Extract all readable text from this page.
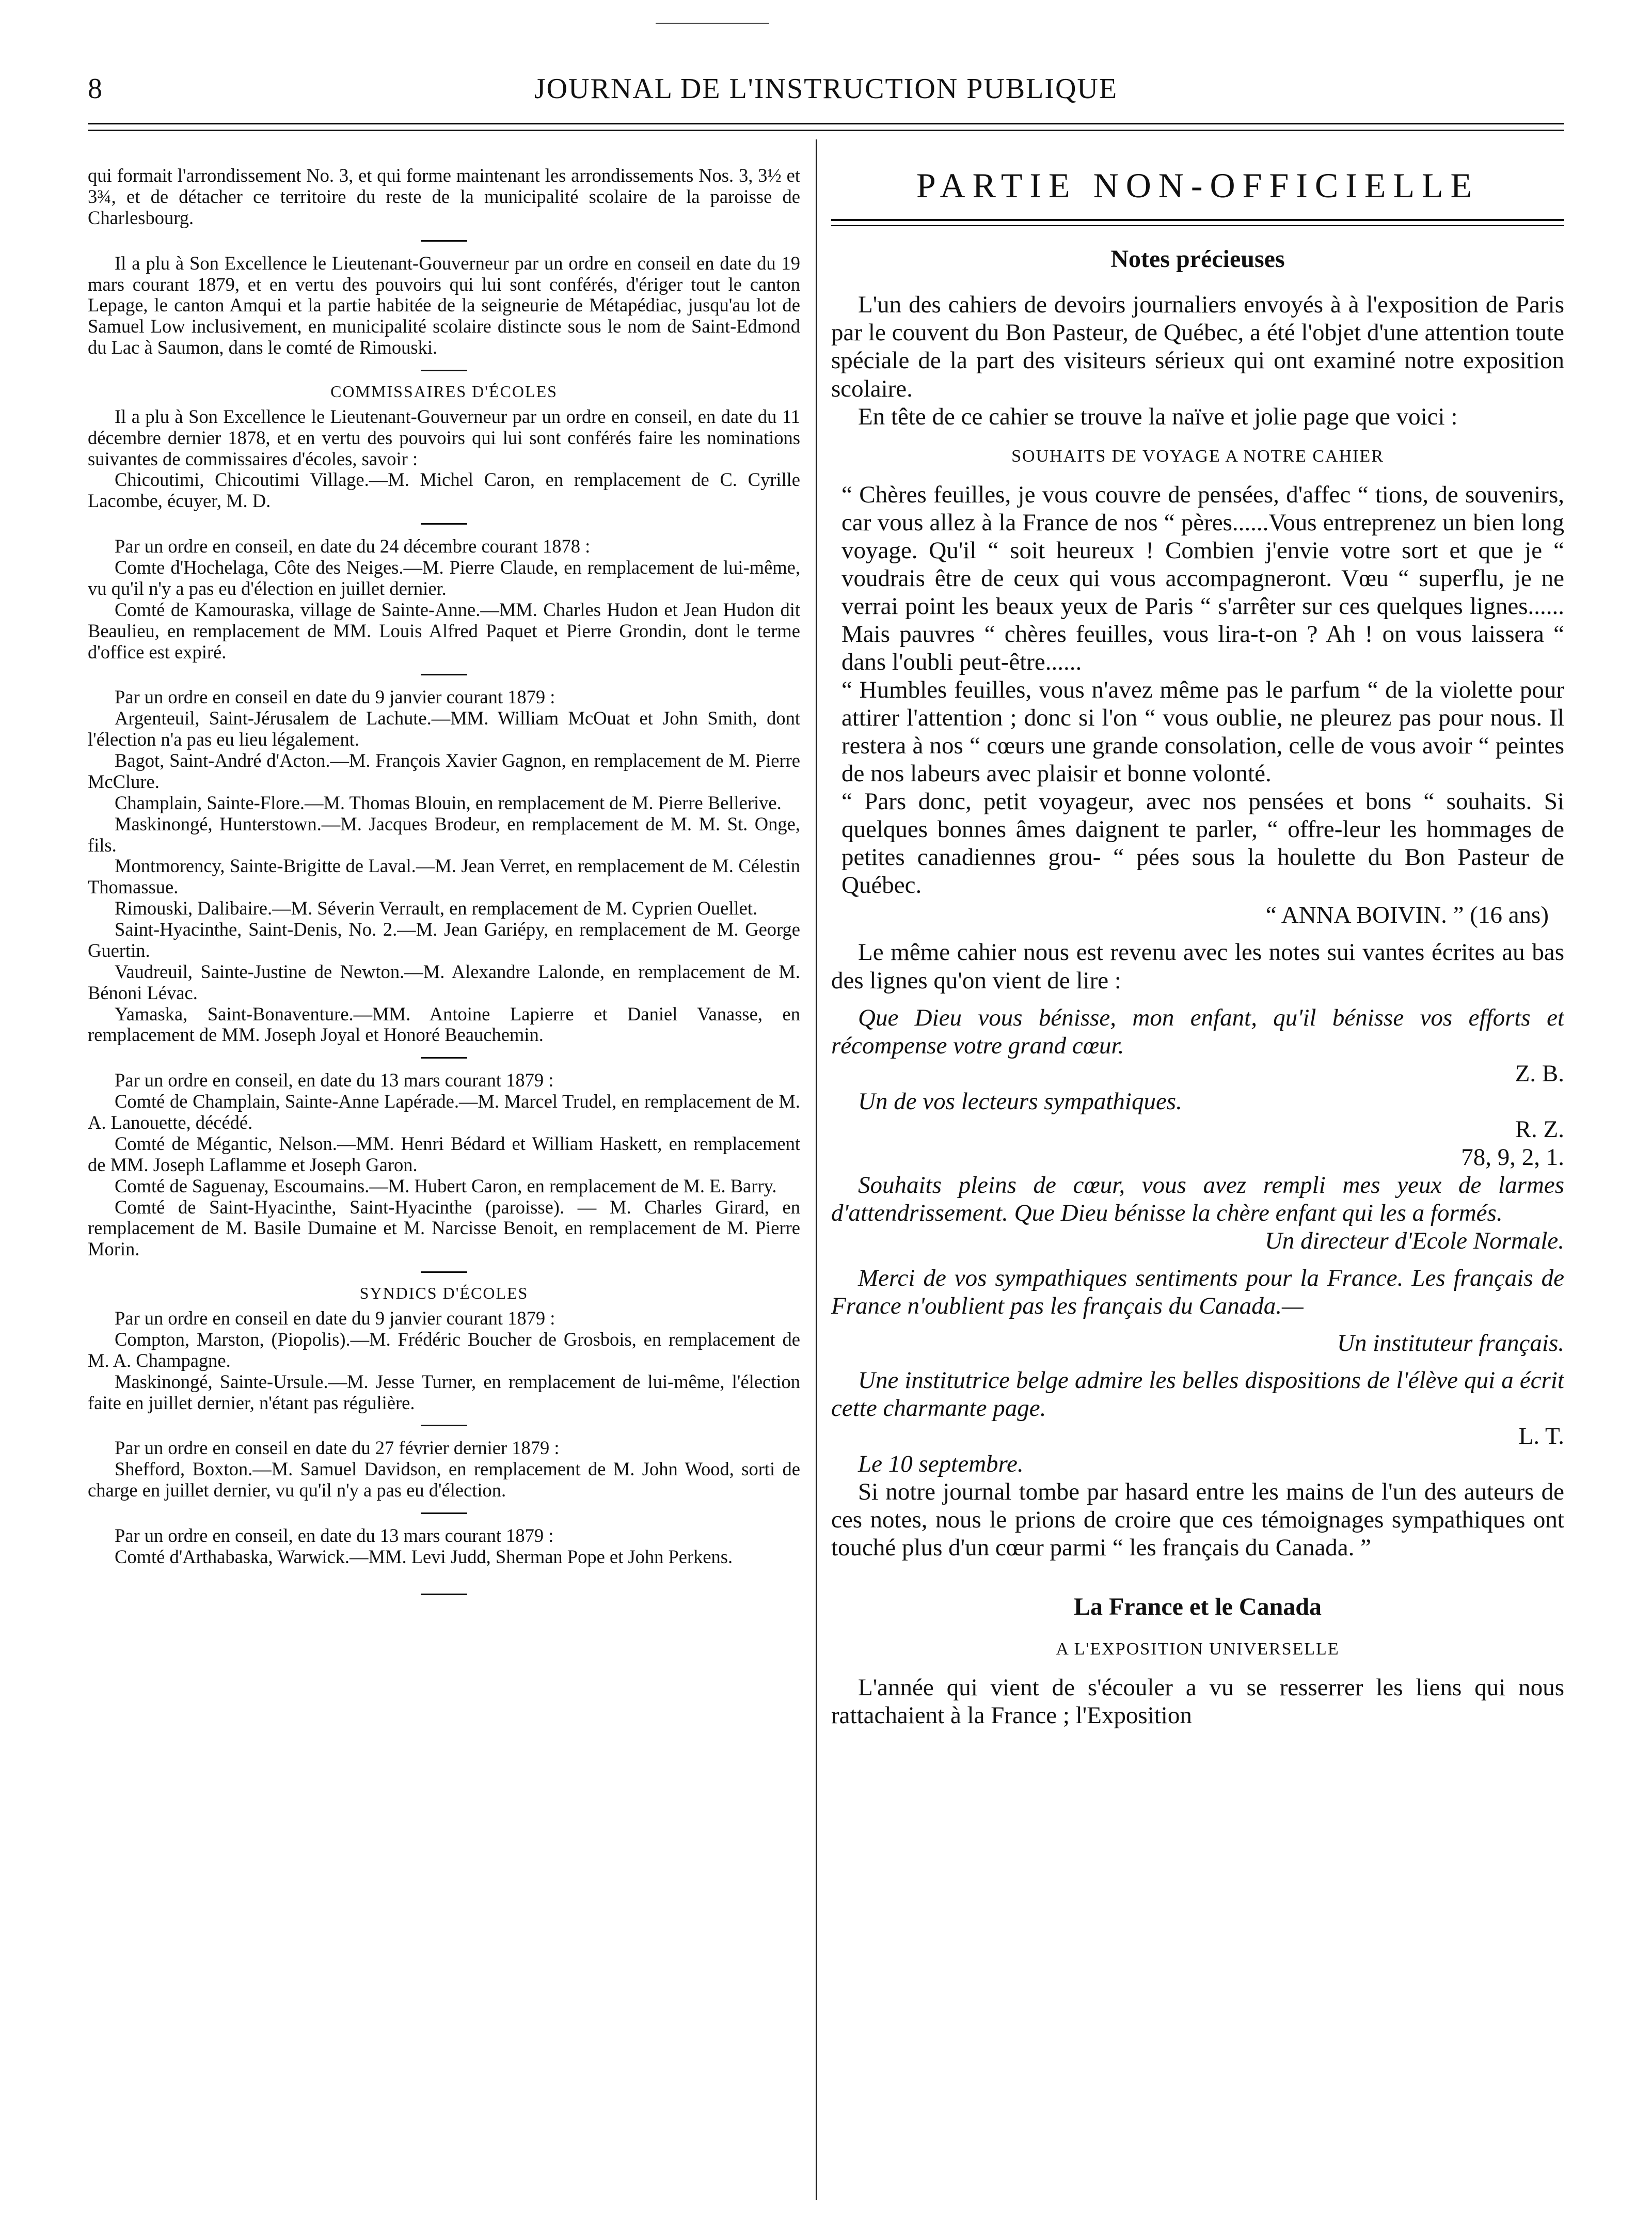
8	JOURNAL DE L'INSTRUCTION PUBLIQUE

qui formait l'arrondissement No. 3, et qui forme maintenant les arrondissements Nos. 3, 3½ et 3¾, et de détacher ce territoire du reste de la municipalité scolaire de la paroisse de Charlesbourg.

Il a plu à Son Excellence le Lieutenant-Gouverneur par un ordre en conseil en date du 19 mars courant 1879, et en vertu des pouvoirs qui lui sont conférés, d'ériger tout le canton Lepage, le canton Amqui et la partie habitée de la seigneurie de Métapédiac, jusqu'au lot de Samuel Low inclusivement, en municipalité scolaire distincte sous le nom de Saint-Edmond du Lac à Saumon, dans le comté de Rimouski.

COMMISSAIRES D'ÉCOLES

Il a plu à Son Excellence le Lieutenant-Gouverneur par un ordre en conseil, en date du 11 décembre dernier 1878, et en vertu des pouvoirs qui lui sont conférés faire les nominations suivantes de commissaires d'écoles, savoir :

Chicoutimi, Chicoutimi Village.—M. Michel Caron, en remplacement de C. Cyrille Lacombe, écuyer, M. D.

Par un ordre en conseil, en date du 24 décembre courant 1878 :

Comte d'Hochelaga, Côte des Neiges.—M. Pierre Claude, en remplacement de lui-même, vu qu'il n'y a pas eu d'élection en juillet dernier.

Comté de Kamouraska, village de Sainte-Anne.—MM. Charles Hudon et Jean Hudon dit Beaulieu, en remplacement de MM. Louis Alfred Paquet et Pierre Grondin, dont le terme d'office est expiré.

Par un ordre en conseil en date du 9 janvier courant 1879 :

Argenteuil, Saint-Jérusalem de Lachute.—MM. William McOuat et John Smith, dont l'élection n'a pas eu lieu légalement.

Bagot, Saint-André d'Acton.—M. François Xavier Gagnon, en remplacement de M. Pierre McClure.

Champlain, Sainte-Flore.—M. Thomas Blouin, en remplacement de M. Pierre Bellerive.

Maskinongé, Hunterstown.—M. Jacques Brodeur, en remplacement de M. M. St. Onge, fils.

Montmorency, Sainte-Brigitte de Laval.—M. Jean Verret, en remplacement de M. Célestin Thomassue.

Rimouski, Dalibaire.—M. Séverin Verrault, en remplacement de M. Cyprien Ouellet.

Saint-Hyacinthe, Saint-Denis, No. 2.—M. Jean Gariépy, en remplacement de M. George Guertin.

Vaudreuil, Sainte-Justine de Newton.—M. Alexandre Lalonde, en remplacement de M. Bénoni Lévac.

Yamaska, Saint-Bonaventure.—MM. Antoine Lapierre et Daniel Vanasse, en remplacement de MM. Joseph Joyal et Honoré Beauchemin.

Par un ordre en conseil, en date du 13 mars courant 1879 :

Comté de Champlain, Sainte-Anne Lapérade.—M. Marcel Trudel, en remplacement de M. A. Lanouette, décédé.

Comté de Mégantic, Nelson.—MM. Henri Bédard et William Haskett, en remplacement de MM. Joseph Laflamme et Joseph Garon.

Comté de Saguenay, Escoumains.—M. Hubert Caron, en remplacement de M. E. Barry.

Comté de Saint-Hyacinthe, Saint-Hyacinthe (paroisse). — M. Charles Girard, en remplacement de M. Basile Dumaine et M. Narcisse Benoit, en remplacement de M. Pierre Morin.

SYNDICS D'ÉCOLES

Par un ordre en conseil en date du 9 janvier courant 1879 :

Compton, Marston, (Piopolis).—M. Frédéric Boucher de Grosbois, en remplacement de M. A. Champagne.

Maskinongé, Sainte-Ursule.—M. Jesse Turner, en remplacement de lui-même, l'élection faite en juillet dernier, n'étant pas régulière.

Par un ordre en conseil en date du 27 février dernier 1879 :

Shefford, Boxton.—M. Samuel Davidson, en remplacement de M. John Wood, sorti de charge en juillet dernier, vu qu'il n'y a pas eu d'élection.

Par un ordre en conseil, en date du 13 mars courant 1879 :

Comté d'Arthabaska, Warwick.—MM. Levi Judd, Sherman Pope et John Perkens.

PARTIE NON-OFFICIELLE
Notes précieuses

L'un des cahiers de devoirs journaliers envoyés à à l'exposition de Paris par le couvent du Bon Pasteur, de Québec, a été l'objet d'une attention toute spéciale de la part des visiteurs sérieux qui ont examiné notre exposition scolaire.

En tête de ce cahier se trouve la naïve et jolie page que voici :

SOUHAITS DE VOYAGE A NOTRE CAHIER

“ Chères feuilles, je vous couvre de pensées, d'affec “ tions, de souvenirs, car vous allez à la France de nos “ pères......Vous entreprenez un bien long voyage. Qu'il “ soit heureux ! Combien j'envie votre sort et que je “ voudrais être de ceux qui vous accompagneront. Vœu “ superflu, je ne verrai point les beaux yeux de Paris “ s'arrêter sur ces quelques lignes...... Mais pauvres “ chères feuilles, vous lira-t-on ? Ah ! on vous laissera “ dans l'oubli peut-être......

“ Humbles feuilles, vous n'avez même pas le parfum “ de la violette pour attirer l'attention ; donc si l'on “ vous oublie, ne pleurez pas pour nous. Il restera à nos “ cœurs une grande consolation, celle de vous avoir “ peintes de nos labeurs avec plaisir et bonne volonté.

“ Pars donc, petit voyageur, avec nos pensées et bons “ souhaits. Si quelques bonnes âmes daignent te parler, “ offre-leur les hommages de petites canadiennes grou- “ pées sous la houlette du Bon Pasteur de Québec.

“ ANNA BOIVIN. ” (16 ans)

Le même cahier nous est revenu avec les notes sui vantes écrites au bas des lignes qu'on vient de lire :

Que Dieu vous bénisse, mon enfant, qu'il bénisse vos efforts et récompense votre grand cœur.

Z. B.

Un de vos lecteurs sympathiques.

R. Z.
78, 9, 2, 1.

Souhaits pleins de cœur, vous avez rempli mes yeux de larmes d'attendrissement. Que Dieu bénisse la chère enfant qui les a formés.

Un directeur d'Ecole Normale.

Merci de vos sympathiques sentiments pour la France. Les français de France n'oublient pas les français du Canada.—

Un instituteur français.

Une institutrice belge admire les belles dispositions de l'élève qui a écrit cette charmante page.

L. T.

Le 10 septembre.

Si notre journal tombe par hasard entre les mains de l'un des auteurs de ces notes, nous le prions de croire que ces témoignages sympathiques ont touché plus d'un cœur parmi “ les français du Canada. ”

La France et le Canada
A L'EXPOSITION UNIVERSELLE

L'année qui vient de s'écouler a vu se resserrer les liens qui nous rattachaient à la France ; l'Exposition
